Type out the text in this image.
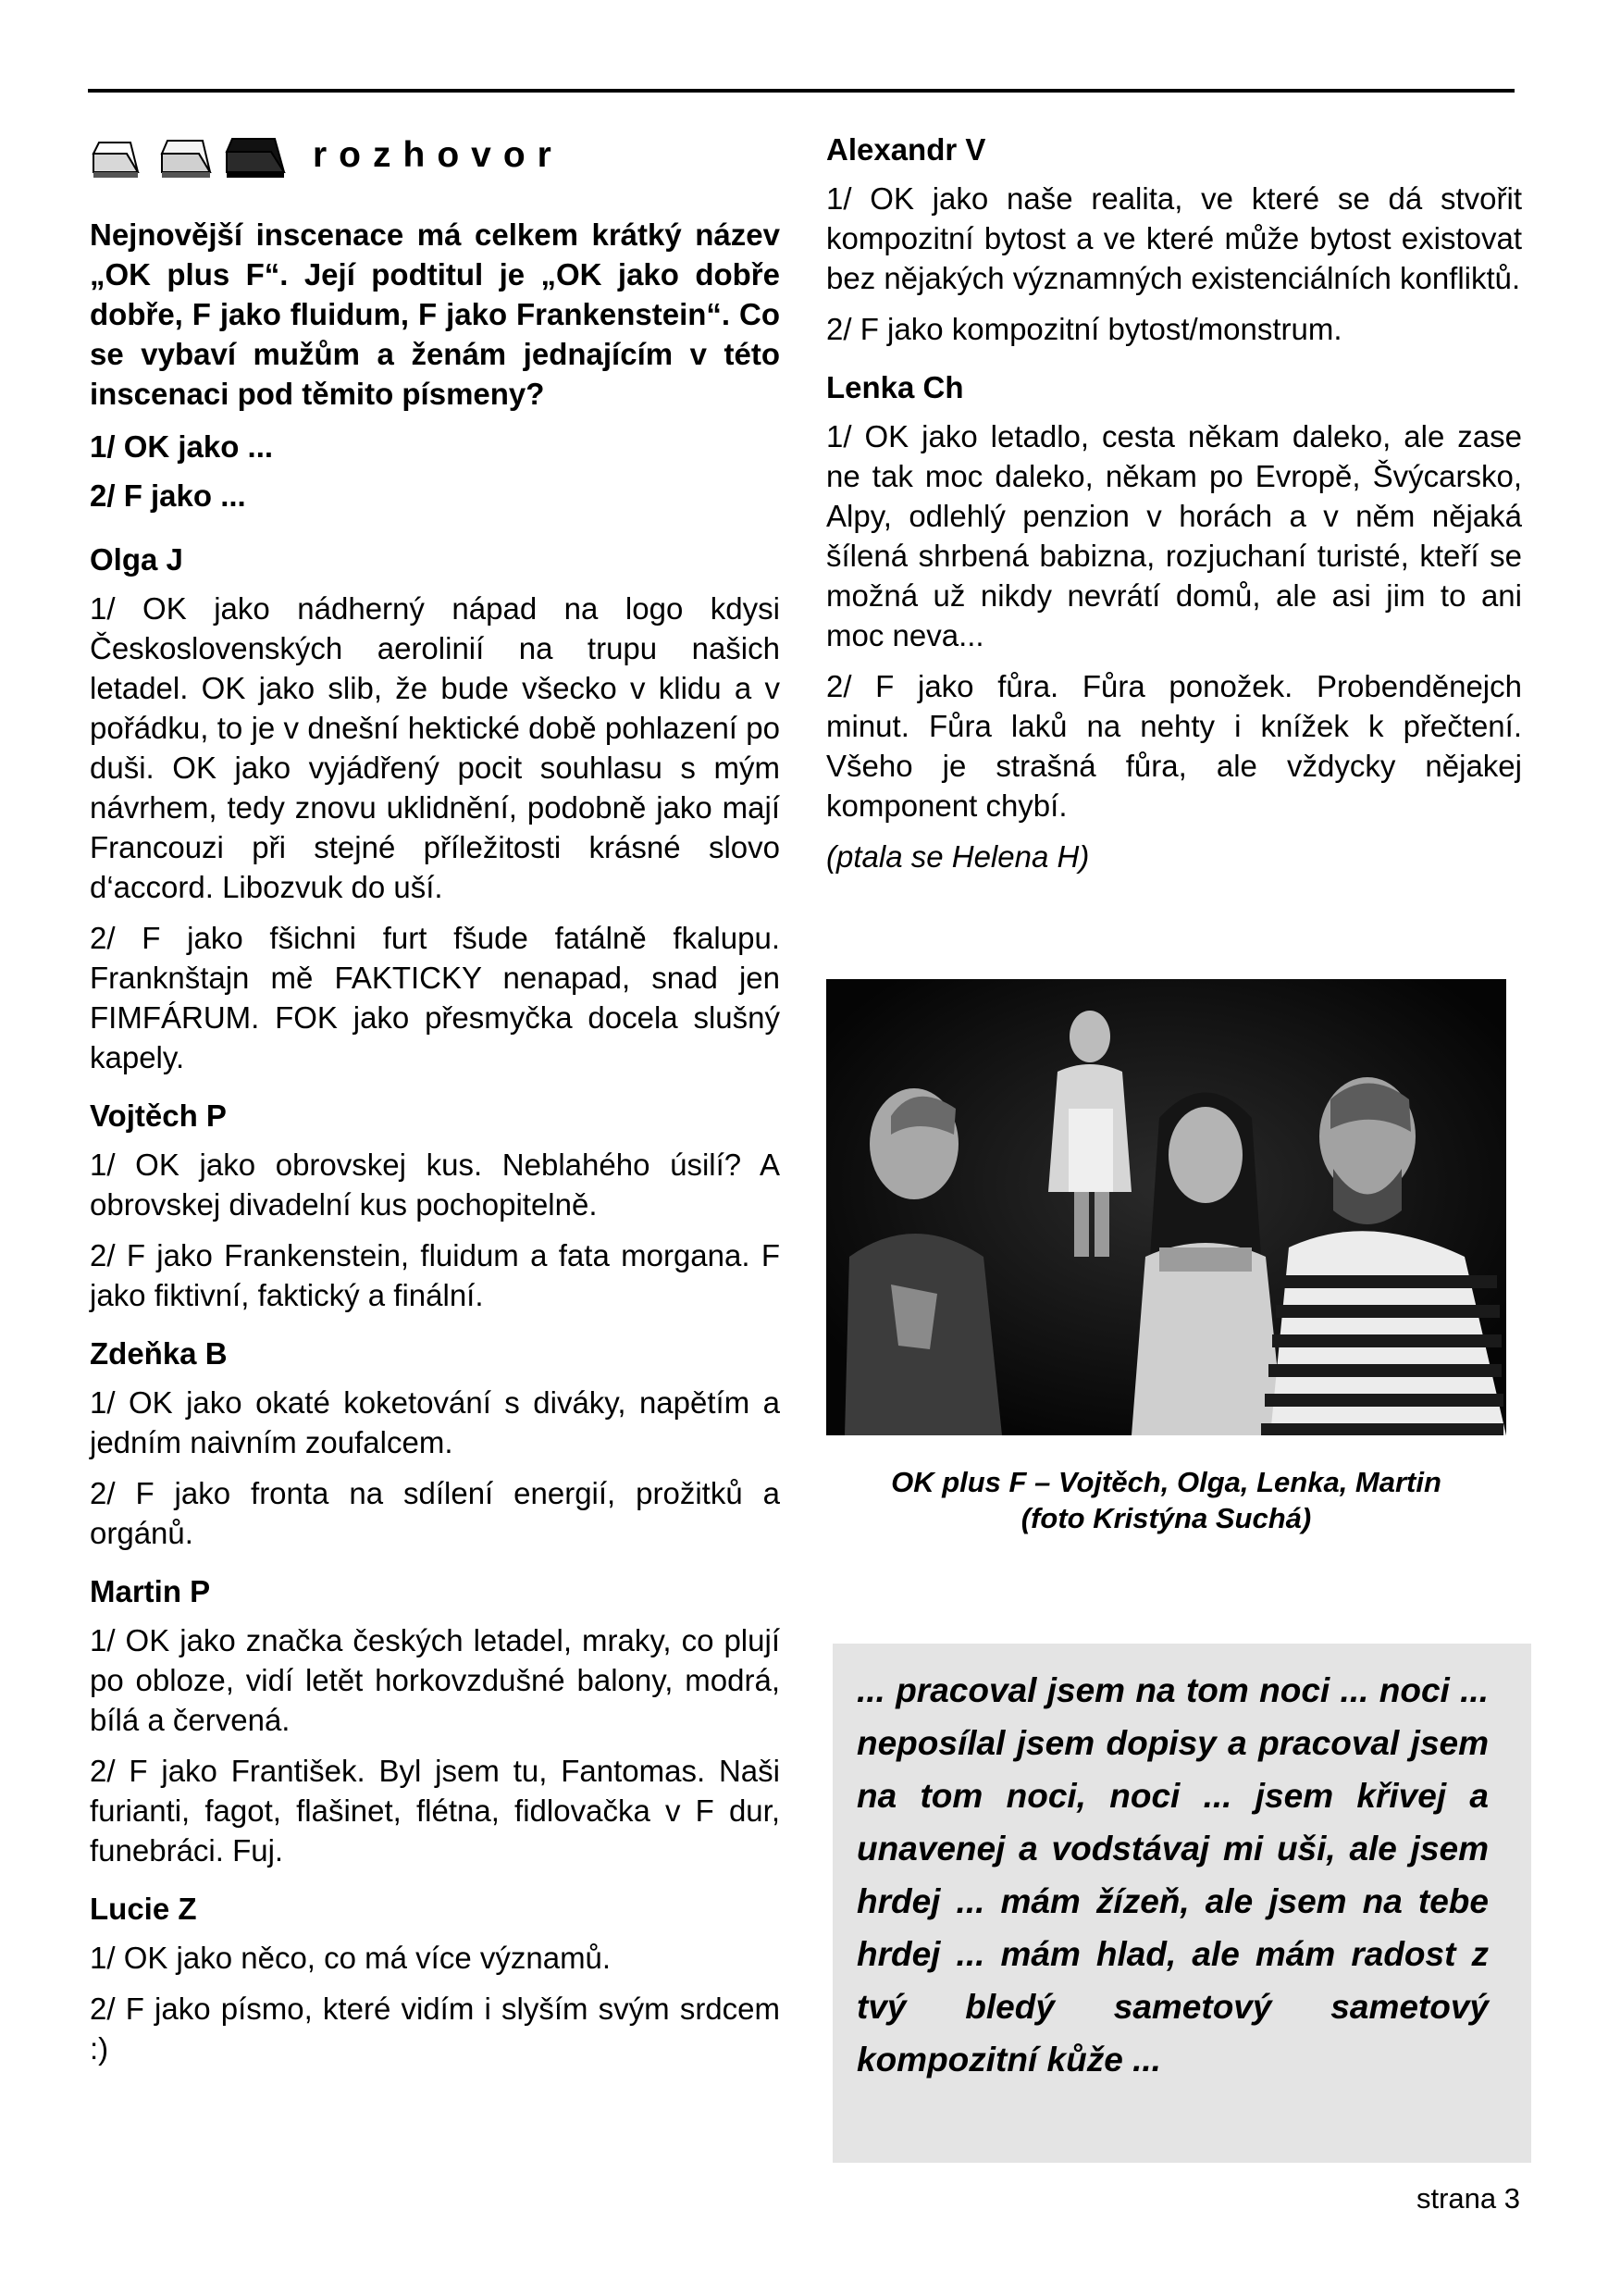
rozhovor

Nejnovější inscenace má celkem krátký název „OK plus F“. Její podtitul je „OK jako dobře dobře, F jako fluidum, F jako Frankenstein“. Co se vybaví mužům a ženám jednajícím v této inscenaci pod těmito písmeny?

1/ OK jako ...

2/ F jako ...

Olga J

1/ OK jako nádherný nápad na logo kdysi Československých aerolinií na trupu našich letadel. OK jako slib, že bude všecko v klidu a v pořádku, to je v dnešní hektické době pohlazení po duši. OK jako vyjádřený pocit souhlasu s mým návrhem, tedy znovu uklidnění, podobně jako mají Francouzi při stejné příležitosti krásné slovo d‘accord. Libozvuk do uší.

2/ F jako fšichni furt fšude fatálně fkalupu. Franknštajn mě FAKTICKY nenapad, snad jen FIMFÁRUM. FOK jako přesmyčka docela slušný kapely.

Vojtěch P

1/ OK jako obrovskej kus. Neblahého úsilí? A obrovskej divadelní kus pochopitelně.

2/ F jako Frankenstein, fluidum a fata morgana. F jako fiktivní, faktický a finální.

Zdeňka B

1/ OK jako okaté koketování s diváky, napětím a jedním naivním zoufalcem.

2/ F jako fronta na sdílení energií, prožitků a orgánů.

Martin P

1/ OK jako značka českých letadel, mraky, co plují po obloze, vidí letět horkovzdušné balony, modrá, bílá a červená.

2/ F jako František. Byl jsem tu, Fantomas. Naši furianti, fagot, flašinet, flétna, fidlovačka v F dur, funebráci. Fuj.

Lucie Z

1/ OK jako něco, co má více významů.

2/ F jako písmo, které vidím i slyším svým srdcem :)

Alexandr V

1/ OK jako naše realita, ve které se dá stvořit kompozitní bytost a ve které může bytost existovat bez nějakých významných existenciálních konfliktů.

2/ F jako kompozitní bytost/monstrum.

Lenka Ch

1/ OK jako letadlo, cesta někam daleko, ale zase ne tak moc daleko, někam po Evropě, Švýcarsko, Alpy, odlehlý penzion v horách a v něm nějaká šílená shrbená babizna, rozjuchaní turisté, kteří se možná už nikdy nevrátí domů, ale asi jim to ani moc neva...

2/ F jako fůra. Fůra ponožek. Probenděnejch minut. Fůra laků na nehty i knížek k přečtení. Všeho je strašná fůra, ale vždycky nějakej komponent chybí.

(ptala se Helena H)

OK plus F – Vojtěch, Olga, Lenka, Martin
(foto Kristýna Suchá)

... pracoval jsem na tom noci ... noci ... neposílal jsem dopisy a pracoval jsem na tom noci, noci ... jsem křivej a unavenej a vodstávaj mi uši, ale jsem hrdej ... mám žízeň, ale jsem na tebe hrdej ... mám hlad, ale mám radost z tvý bledý sametový sametový kompozitní kůže ...

strana 3
